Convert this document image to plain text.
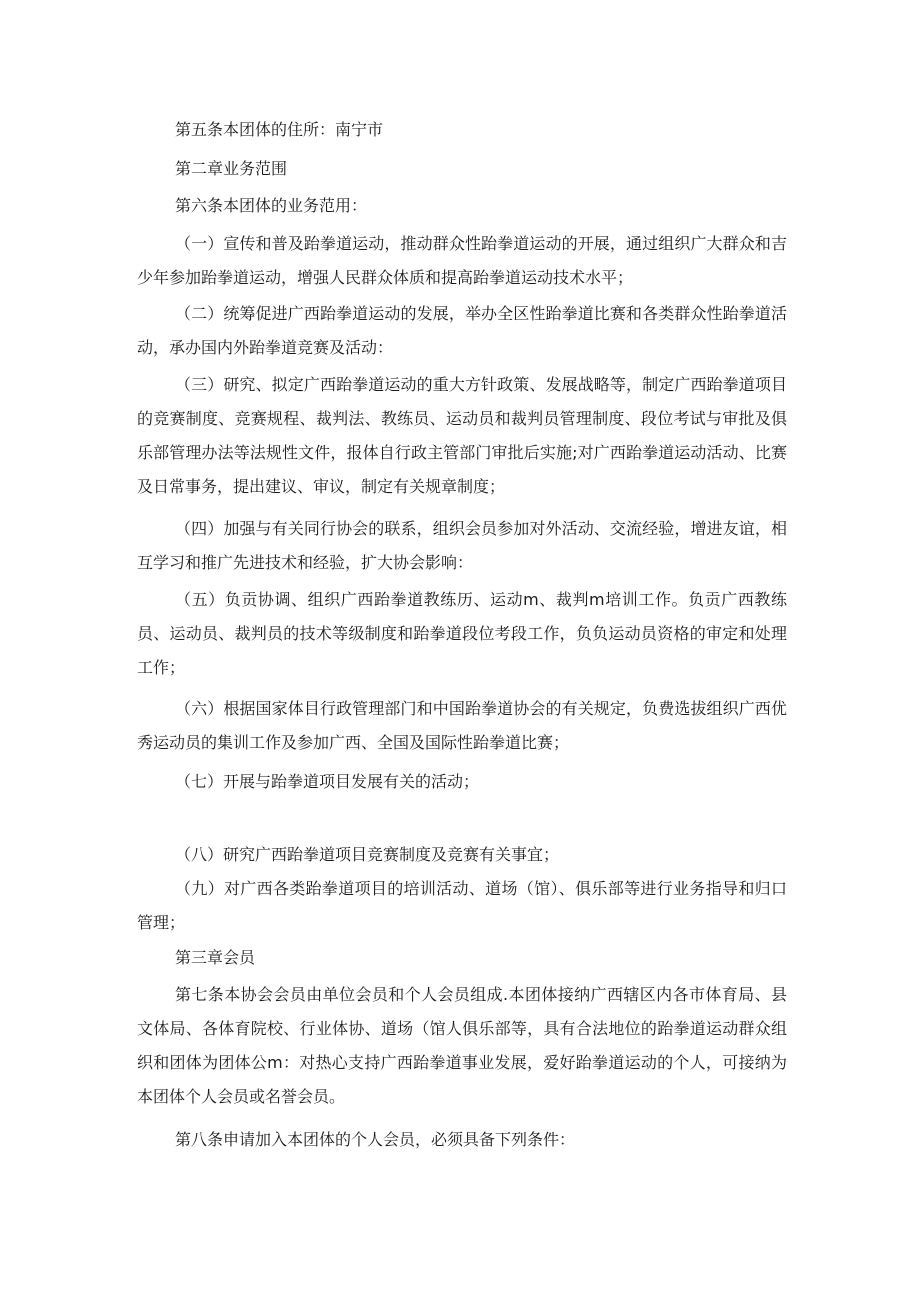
第五条本团体的住所：南宁市

第二章业务范围

第六条本团体的业务范用：

（一）宣传和普及跆拳道运动，推动群众性跆拳道运动的开展，通过组织广大群众和吉少年参加跆拳道运动，增强人民群众体质和提高跆拳道运动技术水平；

（二）统筹促进广西跆拳道运动的发展，举办全区性跆拳道比赛和各类群众性跆拳道活动，承办国内外跆拳道竞赛及活动：

（三）研究、拟定广西跆拳道运动的重大方针政策、发展战略等，制定广西跆拳道项目的竞赛制度、竞赛规程、裁判法、教练员、运动员和裁判员管理制度、段位考试与审批及俱乐部管理办法等法规性文件，报体自行政主管部门审批后实施;对广西跆拳道运动活动、比赛及日常事务，提出建议、审议，制定有关规章制度；

（四）加强与有关同行协会的联系，组织会员参加对外活动、交流经验，增进友谊，相互学习和推广先进技术和经验，扩大协会影响：

（五）负贡协调、组织广西跆拳道教练历、运动m、裁判m培训工作。负贡广西教练员、运动员、裁判员的技术等级制度和跆拳道段位考段工作，负负运动员资格的审定和处理工作；

（六）根据国家体目行政管理部门和中国跆拳道协会的有关规定，负费选拔组织广西优秀运动员的集训工作及参加广西、全国及国际性跆拳道比赛；

（七）开展与跆拳道项目发展有关的活动；

（八）研究广西跆拳道项目竞赛制度及竞赛有关事宜；

（九）对广西各类跆拳道项目的培训活动、道场（馆）、俱乐部等进行业务指导和归口管理；

第三章会员

第七条本协会会员由单位会员和个人会员组成.本团体接纳广西辖区内各市体育局、县文体局、各体育院校、行业体协、道场（馆人俱乐部等，具有合法地位的跆拳道运动群众组织和团体为团体公m：对热心支持广西跆拳道事业发展，爱好跆拳道运动的个人，可接纳为本团体个人会员或名誉会员。

第八条申请加入本团体的个人会员，必须具备下列条件：
